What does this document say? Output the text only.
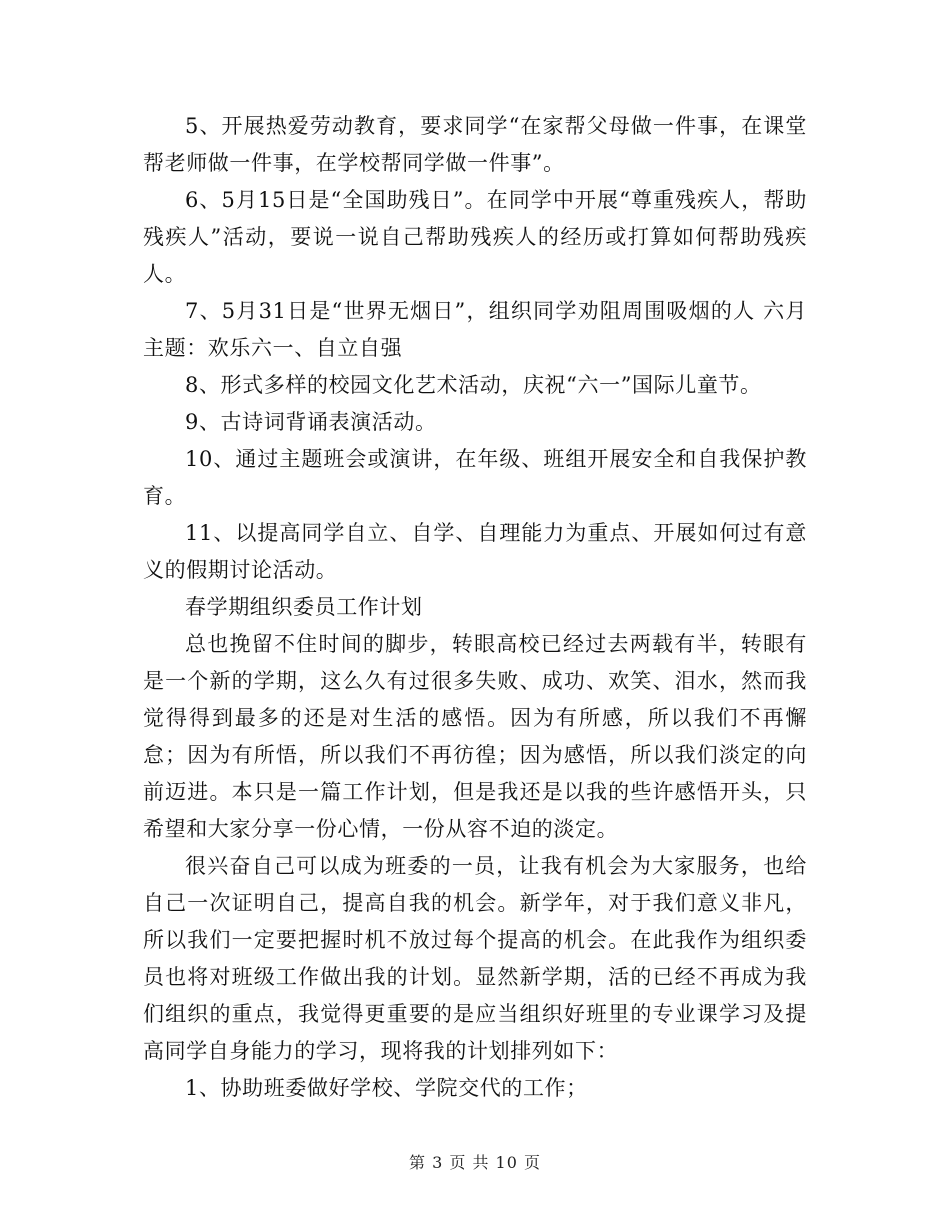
5、开展热爱劳动教育，要求同学“在家帮父母做一件事，在课堂帮老师做一件事，在学校帮同学做一件事”。

6、5月15日是“全国助残日”。在同学中开展“尊重残疾人，帮助残疾人”活动，要说一说自己帮助残疾人的经历或打算如何帮助残疾人。

7、5月31日是“世界无烟日”，组织同学劝阻周围吸烟的人 六月主题：欢乐六一、自立自强

8、形式多样的校园文化艺术活动，庆祝“六一”国际儿童节。

9、古诗词背诵表演活动。

10、通过主题班会或演讲，在年级、班组开展安全和自我保护教育。

11、以提高同学自立、自学、自理能力为重点、开展如何过有意义的假期讨论活动。

春学期组织委员工作计划

总也挽留不住时间的脚步，转眼高校已经过去两载有半，转眼有是一个新的学期，这么久有过很多失败、成功、欢笑、泪水，然而我觉得得到最多的还是对生活的感悟。因为有所感，所以我们不再懈怠；因为有所悟，所以我们不再彷徨；因为感悟，所以我们淡定的向前迈进。本只是一篇工作计划，但是我还是以我的些许感悟开头，只希望和大家分享一份心情，一份从容不迫的淡定。

很兴奋自己可以成为班委的一员，让我有机会为大家服务，也给自己一次证明自己，提高自我的机会。新学年，对于我们意义非凡，所以我们一定要把握时机不放过每个提高的机会。在此我作为组织委员也将对班级工作做出我的计划。显然新学期，活的已经不再成为我们组织的重点，我觉得更重要的是应当组织好班里的专业课学习及提高同学自身能力的学习，现将我的计划排列如下：

1、协助班委做好学校、学院交代的工作；

第 3 页 共 10 页
